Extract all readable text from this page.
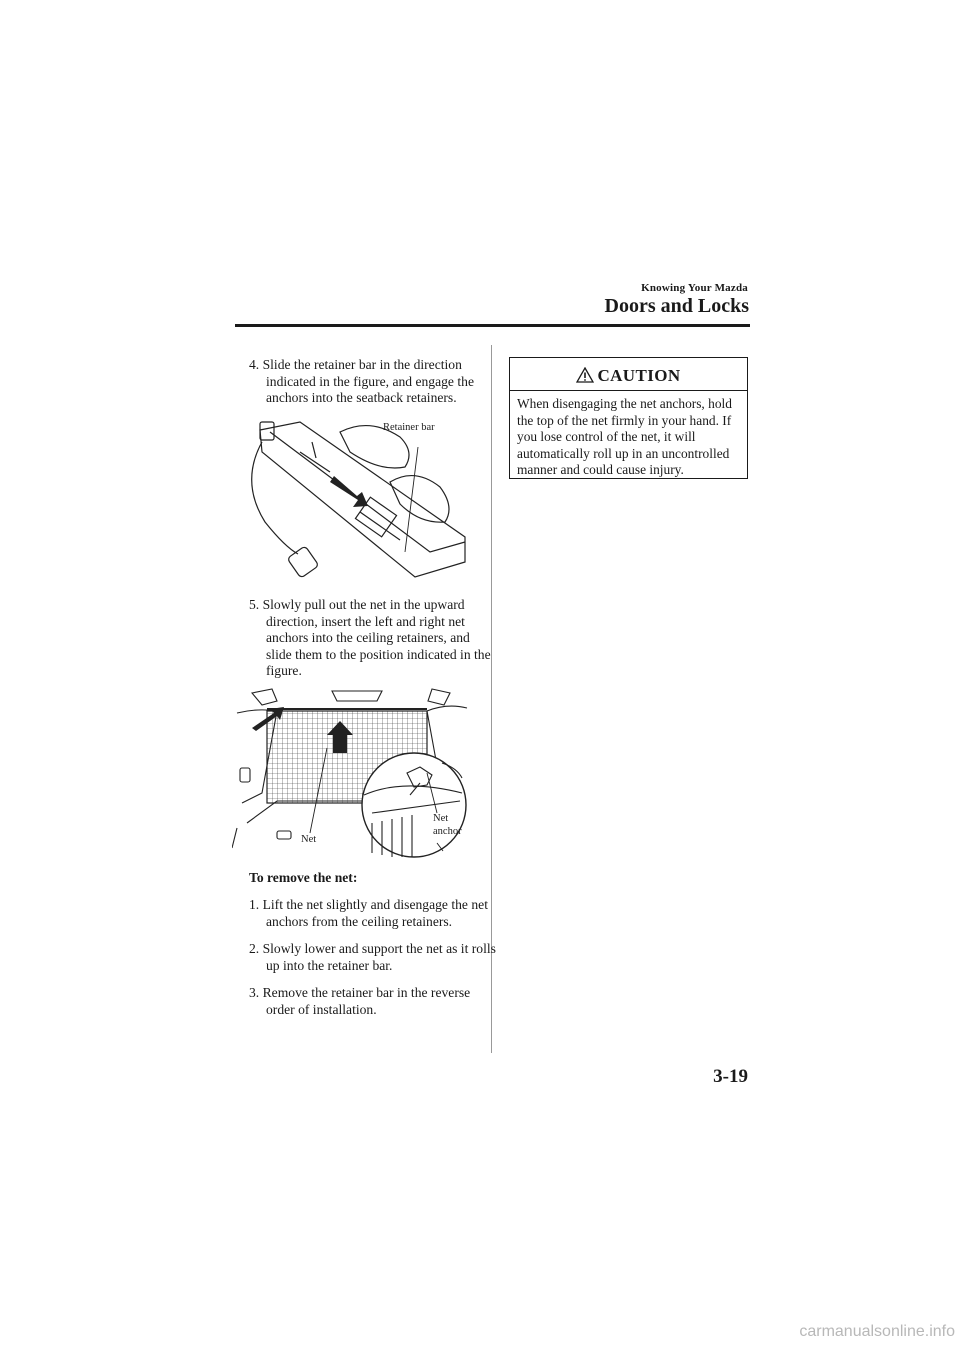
Knowing Your Mazda
Doors and Locks
4. Slide the retainer bar in the direction indicated in the figure, and engage the anchors into the seatback retainers.
Retainer bar
5. Slowly pull out the net in the upward direction, insert the left and right net anchors into the ceiling retainers, and slide them to the position indicated in the figure.
Net
Net
anchor
To remove the net:
1. Lift the net slightly and disengage the net anchors from the ceiling retainers.
2. Slowly lower and support the net as it rolls up into the retainer bar.
3. Remove the retainer bar in the reverse order of installation.
CAUTION
When disengaging the net anchors, hold the top of the net firmly in your hand. If you lose control of the net, it will automatically roll up in an uncontrolled manner and could cause injury.
3-19
carmanualsonline.info
